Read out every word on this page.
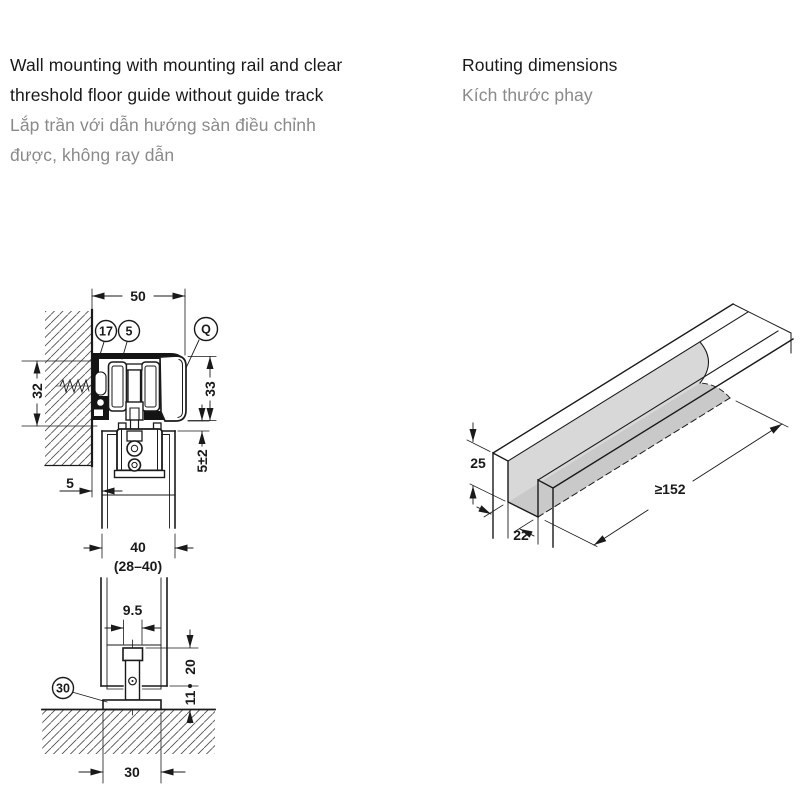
Wall mounting with mounting rail and clear
threshold floor guide without guide track
Lắp trần với dẫn hướng sàn điều chỉnh
được, không ray dẫn
Routing dimensions
Kích thước phay
50
32	33
5±2
5
40
(28–40)
9.5
20
11
30
17 5	Q
30
25
22
≥152
